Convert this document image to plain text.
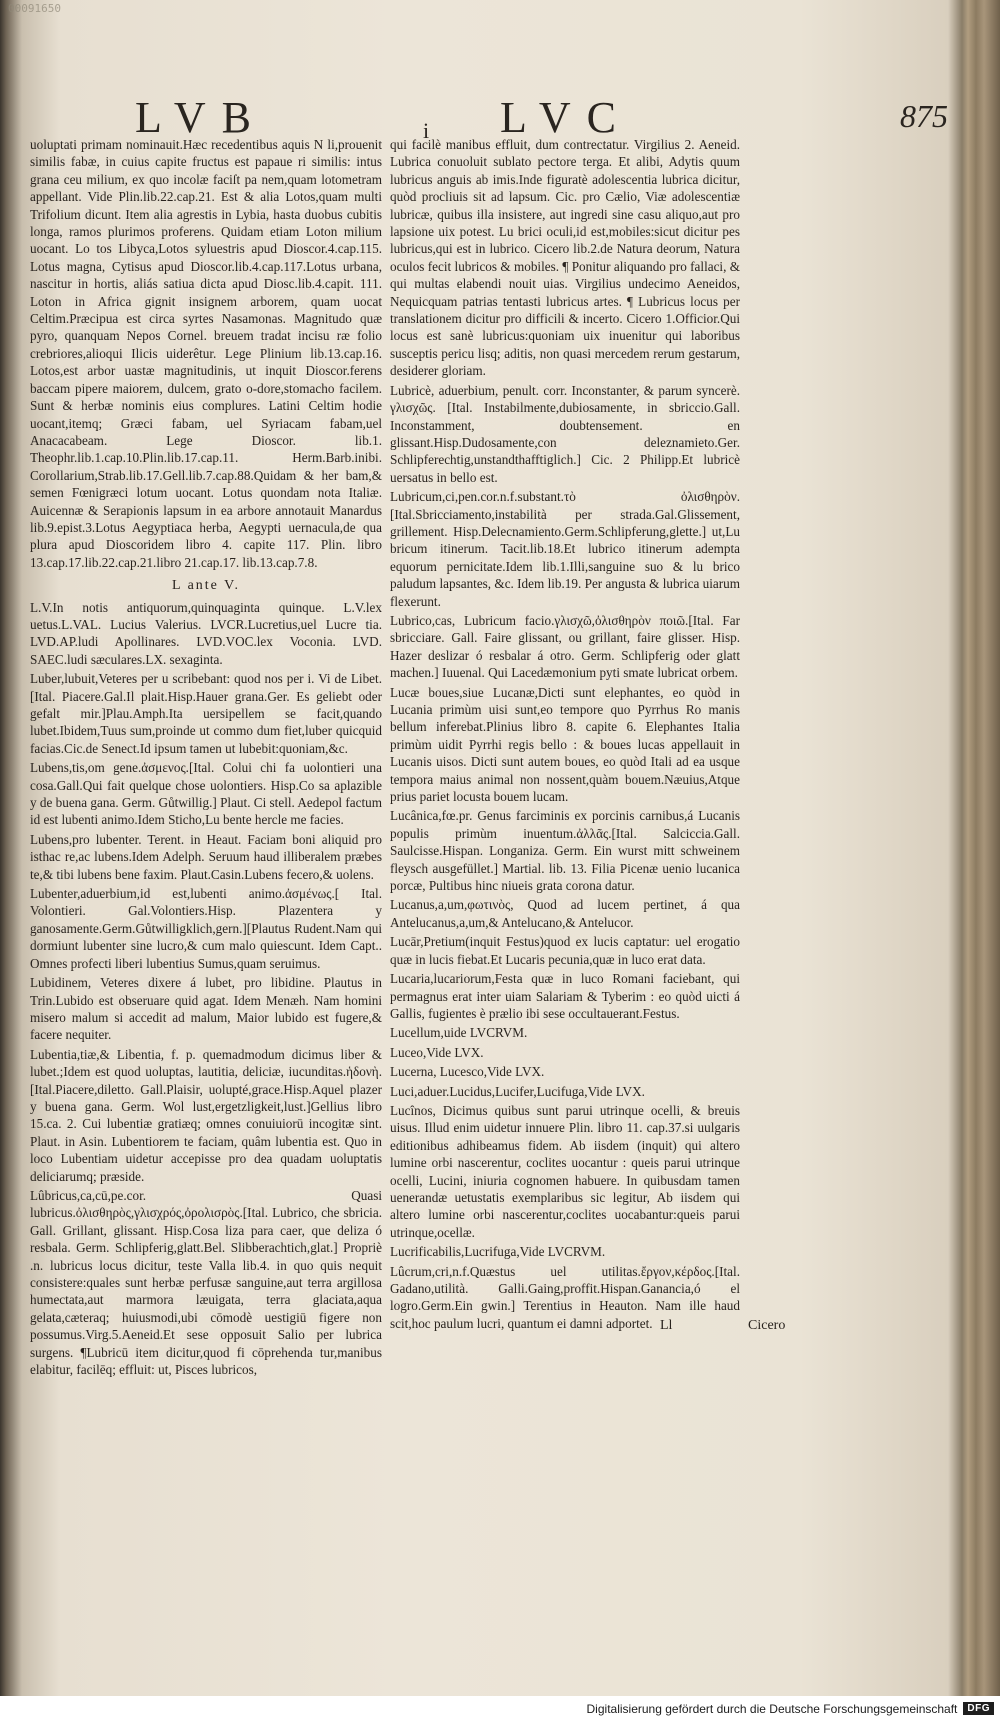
00091650
LVB	i LVC	875

uoluptati primam nominauit.Hæc recedentibus aquis N li,prouenit similis fabæ, in cuius capite fructus est papaue ri similis: intus grana ceu milium, ex quo incolæ faciſt pa nem,quam lotometram appellant. Vide Plin.lib.22.cap.21. Est & alia Lotos,quam multi Trifolium dicunt. Item alia agrestis in Lybia, hasta duobus cubitis longa, ramos plurimos proferens. Quidam etiam Loton milium uocant. Lo tos Libyca,Lotos syluestris apud Dioscor.4.cap.115. Lotus magna, Cytisus apud Dioscor.lib.4.cap.117.Lotus urbana, nascitur in hortis, aliás satiua dicta apud Diosc.lib.4.capit. 111. Loton in Africa gignit insignem arborem, quam uocat Celtim.Præcipua est circa syrtes Nasamonas. Magnitudo quæ pyro, quanquam Nepos Cornel. breuem tradat incisu ræ folio crebriores,alioqui Ilicis uiderêtur. Lege Plinium lib.13.cap.16. Lotos,est arbor uastæ magnitudinis, ut inquit Dioscor.ferens baccam pipere maiorem, dulcem, grato o-dore,stomacho facilem. Sunt & herbæ nominis eius complures. Latini Celtim hodie uocant,itemq; Græci fabam, uel Syriacam fabam,uel Anacacabeam. Lege Dioscor. lib.1. Theophr.lib.1.cap.10.Plin.lib.17.cap.11. Herm.Barb.inibi. Corollarium,Strab.lib.17.Gell.lib.7.cap.88.Quidam & her bam,& semen Fœnigræci lotum uocant. Lotus quondam nota Italiæ. Auicennæ & Serapionis lapsum in ea arbore annotauit Manardus lib.9.epist.3.Lotus Aegyptiaca herba, Aegypti uernacula,de qua plura apud Dioscoridem libro 4. capite 117. Plin. libro 13.cap.17.lib.22.cap.21.libro 21.cap.17. lib.13.cap.7.8.

L ante V.

L.V.In notis antiquorum,quinquaginta quinque. L.V.lex uetus.L.VAL. Lucius Valerius. LVCR.Lucretius,uel Lucre tia. LVD.AP.ludi Apollinares. LVD.VOC.lex Voconia. LVD. SAEC.ludi sæculares.LX. sexaginta.

Luber,lubuit,Veteres per u scribebant: quod nos per i. Vi de Libet.[Ital. Piacere.Gal.Il plait.Hisp.Hauer grana.Ger. Es geliebt oder gefalt mir.]Plau.Amph.Ita uersipellem se facit,quando lubet.Ibidem,Tuus sum,proinde ut commo dum fiet,luber quicquid facias.Cic.de Senect.Id ipsum tamen ut lubebit:quoniam,&c.

Lubens,tis,om gene.ἀσμενος.[Ital. Colui chi fa uolontieri una cosa.Gall.Qui fait quelque chose uolontiers. Hisp.Co sa aplazible y de buena gana. Germ. Gůtwillig.] Plaut. Ci stell. Aedepol factum id est lubenti animo.Idem Sticho,Lu bente hercle me facies.

Lubens,pro lubenter. Terent. in Heaut. Faciam boni aliquid pro isthac re,ac lubens.Idem Adelph. Seruum haud illiberalem præbes te,& tibi lubens bene faxim. Plaut.Casin.Lubens fecero,& uolens.

Lubenter,aduerbium,id est,lubenti animo.ἀσμένως.[ Ital. Volontieri. Gal.Volontiers.Hisp. Plazentera y ganosamente.Germ.Gůtwilligklich,gern.][Plautus Rudent.Nam qui dormiunt lubenter sine lucro,& cum malo quiescunt. Idem Capt.. Omnes profecti liberi lubentius Sumus,quam seruimus.

Lubidinem, Veteres dixere á lubet, pro libidine. Plautus in Trin.Lubido est obseruare quid agat. Idem Menæh. Nam homini misero malum si accedit ad malum, Maior lubido est fugere,& facere nequiter.

Lubentia,tiæ,& Libentia, f. p. quemadmodum dicimus liber & lubet.;Idem est quod uoluptas, lautitia, deliciæ, iucunditas.ἡδονὴ.[Ital.Piacere,diletto. Gall.Plaisir, uolupté,grace.Hisp.Aquel plazer y buena gana. Germ. Wol lust,ergetzligkeit,lust.]Gellius libro 15.ca. 2. Cui lubentiæ gratiæq; omnes conuiuiorū incogitæ sint. Plaut. in Asin. Lubentiorem te faciam, quâm lubentia est. Quo in loco Lubentiam uidetur accepisse pro dea quadam uoluptatis deliciarumq; præside.

Lûbricus,ca,cū,pe.cor. Quasi lubricus.ὀλισθηρὸς,γλισχρός,ὀρολισρὸς.[Ital. Lubrico, che sbricia. Gall. Grillant, glissant. Hisp.Cosa liza para caer, que deliza ó resbala. Germ. Schlipferig,glatt.Bel. Slibberachtich,glat.] Propriè .n. lubricus locus dicitur, teste Valla lib.4. in quo quis nequit consistere:quales sunt herbæ perfusæ sanguine,aut terra argillosa humectata,aut marmora læuigata, terra glaciata,aqua gelata,cæteraq; huiusmodi,ubi cōmodè uestigiū figere non possumus.Virg.5.Aeneid.Et sese opposuit Salio per lubrica surgens. ¶Lubricū item dicitur,quod fi cōprehenda tur,manibus elabitur, facilēq; effluit: ut, Pisces lubricos,

qui facilè manibus effluit, dum contrectatur. Virgilius 2. Aeneid. Lubrica conuoluit sublato pectore terga. Et alibi, Adytis quum lubricus anguis ab imis.Inde figuratè adolescentia lubrica dicitur, quòd procliuis sit ad lapsum. Cic. pro Cælio, Viæ adolescentiæ lubricæ, quibus illa insistere, aut ingredi sine casu aliquo,aut pro lapsione uix potest. Lu brici oculi,id est,mobiles:sicut dicitur pes lubricus,qui est in lubrico. Cicero lib.2.de Natura deorum, Natura oculos fecit lubricos & mobiles. ¶ Ponitur aliquando pro fallaci, & qui multas elabendi nouit uias. Virgilius undecimo Aeneidos, Nequicquam patrias tentasti lubricus artes. ¶ Lubricus locus per translationem dicitur pro difficili & incerto. Cicero 1.Officior.Qui locus est sanè lubricus:quoniam uix inuenitur qui laboribus susceptis pericu lisq; aditis, non quasi mercedem rerum gestarum, desiderer gloriam.

Lubricè, aduerbium, penult. corr. Inconstanter, & parum syncerè. γλισχῶς. [Ital. Instabilmente,dubiosamente, in sbriccio.Gall. Inconstamment, doubtensement. en glissant.Hisp.Dudosamente,con deleznamieto.Ger. Schlipferechtig,unstandthafftiglich.] Cic. 2 Philipp.Et lubricè uersatus in bello est.

Lubricum,ci,pen.cor.n.f.substant.τὸ ὀλισθηρὸν.[Ital.Sbricciamento,instabilità per strada.Gal.Glissement, grillement. Hisp.Delecnamiento.Germ.Schlipferung,glette.] ut,Lu bricum itinerum. Tacit.lib.18.Et lubrico itinerum adempta equorum pernicitate.Idem lib.1.Illi,sanguine suo & lu brico paludum lapsantes, &c. Idem lib.19. Per angusta & lubrica uiarum flexerunt.

Lubrico,cas, Lubricum facio.γλισχῶ,ὀλισθηρὸν ποιῶ.[Ital. Far sbricciare. Gall. Faire glissant, ou grillant, faire glisser. Hisp. Hazer deslizar ó resbalar á otro. Germ. Schlipferig oder glatt machen.] Iuuenal. Qui Lacedæmonium pyti smate lubricat orbem.

Lucæ boues,siue Lucanæ,Dicti sunt elephantes, eo quòd in Lucania primùm uisi sunt,eo tempore quo Pyrrhus Ro manis bellum inferebat.Plinius libro 8. capite 6. Elephantes Italia primùm uidit Pyrrhi regis bello : & boues lucas appellauit in Lucanis uisos. Dicti sunt autem boues, eo quòd Itali ad ea usque tempora maius animal non nossent,quàm bouem.Næuius,Atque prius pariet locusta bouem lucam.

Lucânica,fœ.pr. Genus farciminis ex porcinis carnibus,á Lucanis populis primùm inuentum.ἀλλᾶς.[Ital. Salciccia.Gall. Saulcisse.Hispan. Longaniza. Germ. Ein wurst mitt schweinem fleysch ausgefüllet.] Martial. lib. 13. Filia Picenæ uenio lucanica porcæ, Pultibus hinc niueis grata corona datur.

Lucanus,a,um,φωτινὸς, Quod ad lucem pertinet, á qua Antelucanus,a,um,& Antelucano,& Antelucor.

Lucār,Pretium(inquit Festus)quod ex lucis captatur: uel erogatio quæ in lucis fiebat.Et Lucaris pecunia,quæ in luco erat data.

Lucaria,lucariorum,Festa quæ in luco Romani faciebant, qui permagnus erat inter uiam Salariam & Tyberim : eo quòd uicti á Gallis, fugientes è prælio ibi sese occultauerant.Festus.

Lucellum,uide LVCRVM.

Luceo,Vide LVX.

Lucerna, Lucesco,Vide LVX.

Luci,aduer.Lucidus,Lucifer,Lucifuga,Vide LVX.

Lucînos, Dicimus quibus sunt parui utrinque ocelli, & breuis uisus. Illud enim uidetur innuere Plin. libro 11. cap.37.si uulgaris editionibus adhibeamus fidem. Ab iisdem (inquit) qui altero lumine orbi nascerentur, coclites uocantur : queis parui utrinque ocelli, Lucini, iniuria cognomen habuere. In quibusdam tamen uenerandæ uetustatis exemplaribus sic legitur, Ab iisdem qui altero lumine orbi nascerentur,coclites uocabantur:queis parui utrinque,ocellæ.

Lucrificabilis,Lucrifuga,Vide LVCRVM.

Lûcrum,cri,n.f.Quæstus uel utilitas.ἔργον,κέρδος.[Ital. Gadano,utilità. Galli.Gaing,proffit.Hispan.Ganancia,ó el logro.Germ.Ein gwin.] Terentius in Heauton. Nam ille haud scit,hoc paulum lucri, quantum ei damni adportet. Ll	Cicero
Digitalisierung gefördert durch die Deutsche Forschungsgemeinschaft	DFG
